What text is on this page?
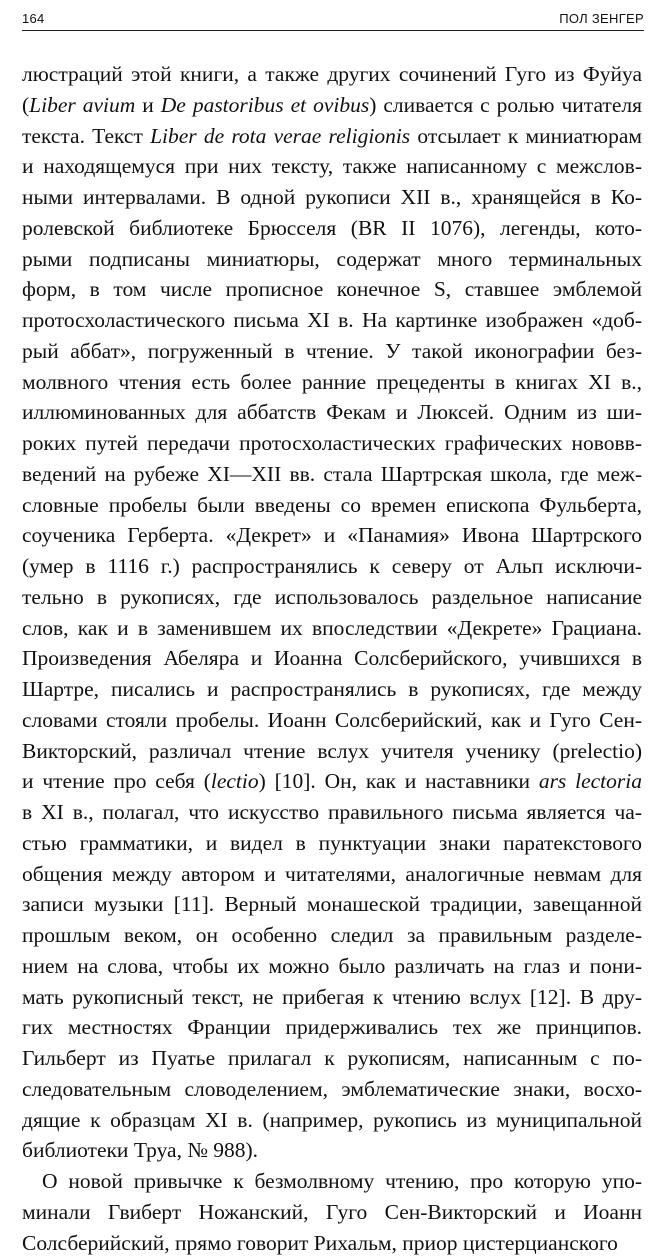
164	ПОЛ ЗЕНГЕР
люстраций этой книги, а также других сочинений Гуго из Фуйуа
(Liber avium и De pastoribus et ovibus) сливается с ролью читателя
текста. Текст Liber de rota verae religionis отсылает к миниатюрам
и находящемуся при них тексту, также написанному с межслов-
ными интервалами. В одной рукописи XII в., хранящейся в Ко-
ролевской библиотеке Брюсселя (BR II 1076), легенды, кото-
рыми подписаны миниатюры, содержат много терминальных
форм, в том числе прописное конечное S, ставшее эмблемой
протосхоластического письма XI в. На картинке изображен «доб-
рый аббат», погруженный в чтение. У такой иконографии без-
молвного чтения есть более ранние прецеденты в книгах XI в.,
иллюминованных для аббатств Фекам и Люксей. Одним из ши-
роких путей передачи протосхоластических графических нововв-
ведений на рубеже XI—XII вв. стала Шартрская школа, где меж-
словные пробелы были введены со времен епископа Фульберта,
соученика Герберта. «Декрет» и «Панамия» Ивона Шартрского
(умер в 1116 г.) распространялись к северу от Альп исключи-
тельно в рукописях, где использовалось раздельное написание
слов, как и в заменившем их впоследствии «Декрете» Грациана.
Произведения Абеляра и Иоанна Солсберийского, учившихся в
Шартре, писались и распространялись в рукописях, где между
словами стояли пробелы. Иоанн Солсберийский, как и Гуго Сен-
Викторский, различал чтение вслух учителя ученику (prelectio)
и чтение про себя (lectio) [10]. Он, как и наставники ars lectoria
в XI в., полагал, что искусство правильного письма является ча-
стью грамматики, и видел в пунктуации знаки паратекстового
общения между автором и читателями, аналогичные невмам для
записи музыки [11]. Верный монашеской традиции, завещанной
прошлым веком, он особенно следил за правильным разделе-
нием на слова, чтобы их можно было различать на глаз и пони-
мать рукописный текст, не прибегая к чтению вслух [12]. В дру-
гих местностях Франции придерживались тех же принципов.
Гильберт из Пуатье прилагал к рукописям, написанным с по-
следовательным словоделением, эмблематические знаки, восхо-
дящие к образцам XI в. (например, рукопись из муниципальной
библиотеки Труа, № 988).
О новой привычке к безмолвному чтению, про которую упо-
минали Гвиберт Ножанский, Гуго Сен-Викторский и Иоанн
Солсберийский, прямо говорит Рихальм, приор цистерцианского
